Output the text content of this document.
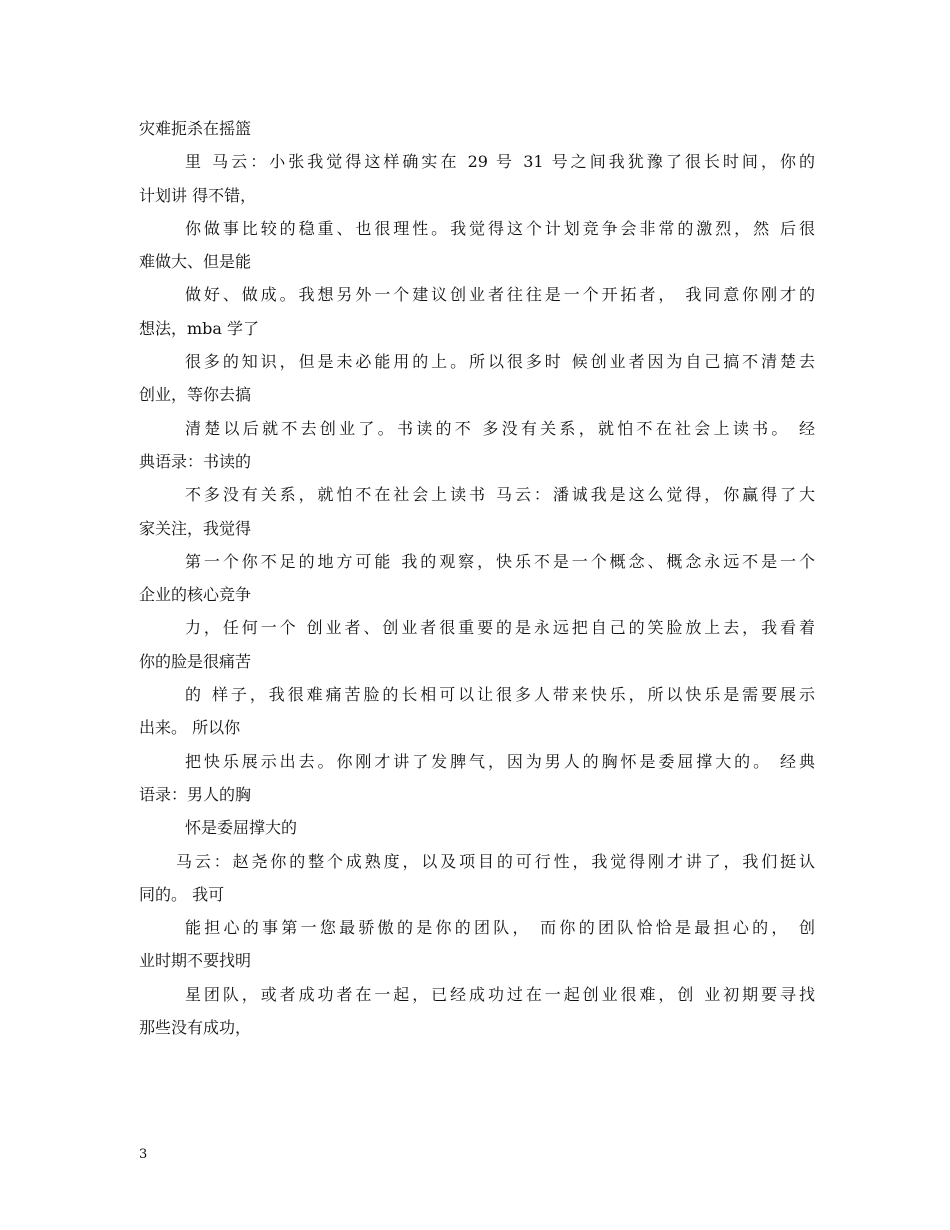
灾难扼杀在摇篮
里 马云：小张我觉得这样确实在 29 号 31 号之间我犹豫了很长时间，你的
计划讲 得不错，
你做事比较的稳重、也很理性。我觉得这个计划竞争会非常的激烈，然 后很
难做大、但是能
做好、做成。我想另外一个建议创业者往往是一个开拓者， 我同意你刚才的
想法，mba 学了
很多的知识，但是未必能用的上。所以很多时 候创业者因为自己搞不清楚去
创业，等你去搞
清楚以后就不去创业了。书读的不 多没有关系，就怕不在社会上读书。 经
典语录：书读的
不多没有关系，就怕不在社会上读书 马云：潘诚我是这么觉得，你赢得了大
家关注，我觉得
第一个你不足的地方可能 我的观察，快乐不是一个概念、概念永远不是一个
企业的核心竞争
力，任何一个 创业者、创业者很重要的是永远把自己的笑脸放上去，我看着
你的脸是很痛苦
的 样子，我很难痛苦脸的长相可以让很多人带来快乐，所以快乐是需要展示
出来。 所以你
把快乐展示出去。你刚才讲了发脾气，因为男人的胸怀是委屈撑大的。 经典
语录：男人的胸
怀是委屈撑大的
马云：赵尧你的整个成熟度，以及项目的可行性，我觉得刚才讲了，我们挺认
同的。 我可
能担心的事第一您最骄傲的是你的团队， 而你的团队恰恰是最担心的， 创
业时期不要找明
星团队，或者成功者在一起，已经成功过在一起创业很难，创 业初期要寻找
那些没有成功，
3
